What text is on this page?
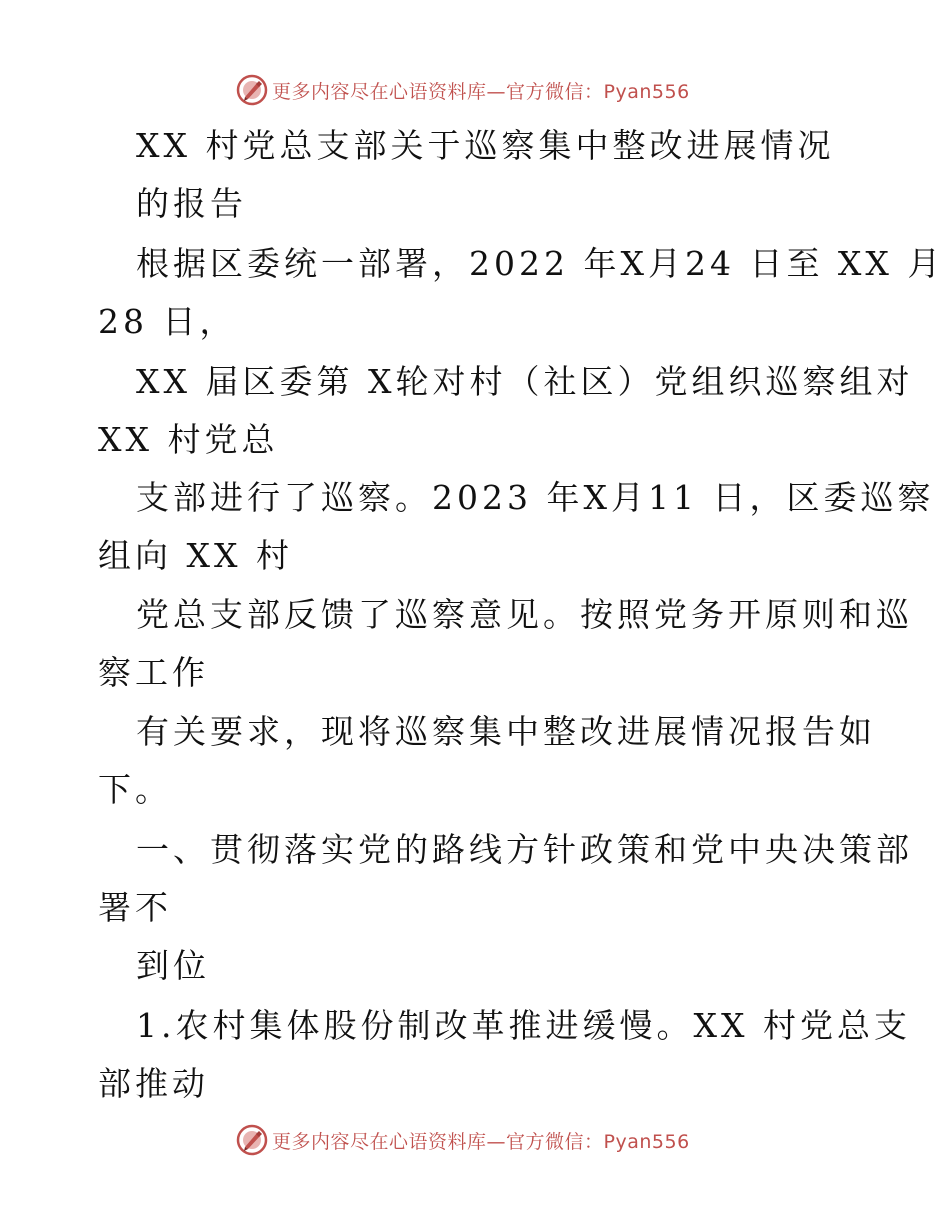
更多内容尽在心语资料库—官方微信：Pyan556
XX 村党总支部关于巡察集中整改进展情况
的报告
根据区委统一部署，2022 年X月24 日至 XX 月
28 日，
XX 届区委第 X轮对村（社区）党组织巡察组对
XX 村党总
支部进行了巡察。2023 年X月11 日，区委巡察
组向 XX 村
党总支部反馈了巡察意见。按照党务开原则和巡
察工作
有关要求，现将巡察集中整改进展情况报告如
下。
一、贯彻落实党的路线方针政策和党中央决策部
署不
到位
1.农村集体股份制改革推进缓慢。XX 村党总支
部推动
更多内容尽在心语资料库—官方微信：Pyan556
